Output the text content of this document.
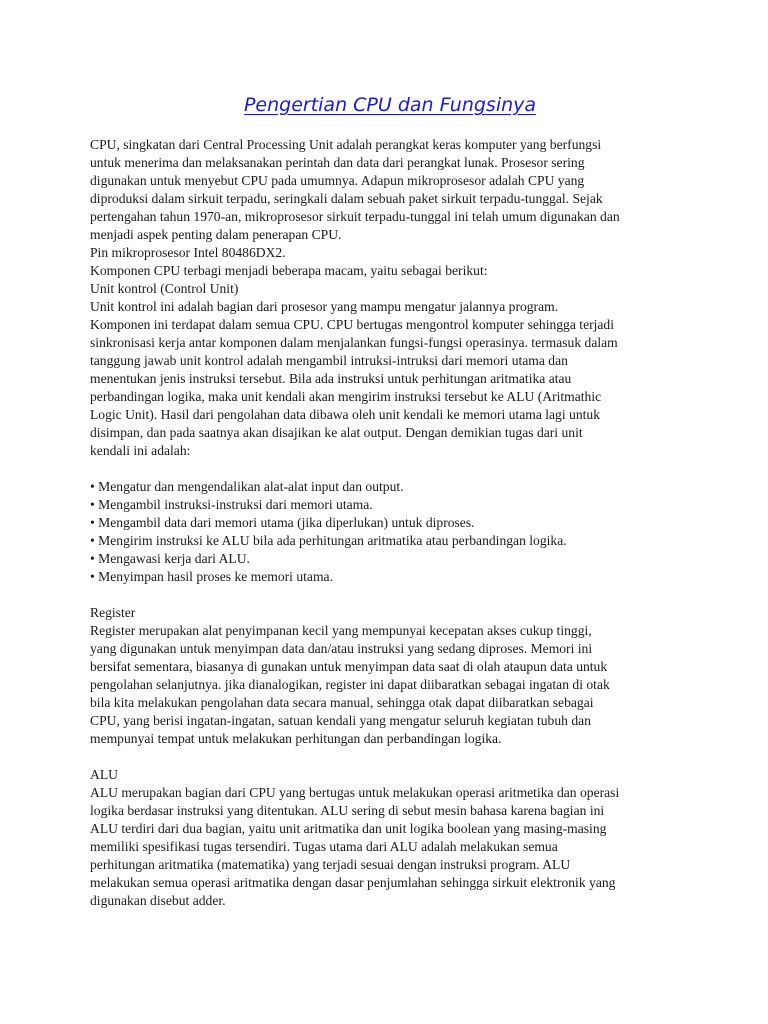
Pengertian CPU dan Fungsinya

CPU, singkatan dari Central Processing Unit adalah perangkat keras komputer yang berfungsi

untuk menerima dan melaksanakan perintah dan data dari perangkat lunak. Prosesor sering

digunakan untuk menyebut CPU pada umumnya. Adapun mikroprosesor adalah CPU yang

diproduksi dalam sirkuit terpadu, seringkali dalam sebuah paket sirkuit terpadu-tunggal. Sejak

pertengahan tahun 1970-an, mikroprosesor sirkuit terpadu-tunggal ini telah umum digunakan dan

menjadi aspek penting dalam penerapan CPU.

Pin mikroprosesor Intel 80486DX2.

Komponen CPU terbagi menjadi beberapa macam, yaitu sebagai berikut:

Unit kontrol (Control Unit)

Unit kontrol ini adalah bagian dari prosesor yang mampu mengatur jalannya program.

Komponen ini terdapat dalam semua CPU. CPU bertugas mengontrol komputer sehingga terjadi

sinkronisasi kerja antar komponen dalam menjalankan fungsi-fungsi operasinya. termasuk dalam

tanggung jawab unit kontrol adalah mengambil intruksi-intruksi dari memori utama dan

menentukan jenis instruksi tersebut. Bila ada instruksi untuk perhitungan aritmatika atau

perbandingan logika, maka unit kendali akan mengirim instruksi tersebut ke ALU (Aritmathic

Logic Unit). Hasil dari pengolahan data dibawa oleh unit kendali ke memori utama lagi untuk

disimpan, dan pada saatnya akan disajikan ke alat output. Dengan demikian tugas dari unit

kendali ini adalah:

• Mengatur dan mengendalikan alat-alat input dan output.

• Mengambil instruksi-instruksi dari memori utama.

• Mengambil data dari memori utama (jika diperlukan) untuk diproses.

• Mengirim instruksi ke ALU bila ada perhitungan aritmatika atau perbandingan logika.

• Mengawasi kerja dari ALU.

• Menyimpan hasil proses ke memori utama.

Register

Register merupakan alat penyimpanan kecil yang mempunyai kecepatan akses cukup tinggi,

yang digunakan untuk menyimpan data dan/atau instruksi yang sedang diproses. Memori ini

bersifat sementara, biasanya di gunakan untuk menyimpan data saat di olah ataupun data untuk

pengolahan selanjutnya. jika dianalogikan, register ini dapat diibaratkan sebagai ingatan di otak

bila kita melakukan pengolahan data secara manual, sehingga otak dapat diibaratkan sebagai

CPU, yang berisi ingatan-ingatan, satuan kendali yang mengatur seluruh kegiatan tubuh dan

mempunyai tempat untuk melakukan perhitungan dan perbandingan logika.

ALU

ALU merupakan bagian dari CPU yang bertugas untuk melakukan operasi aritmetika dan operasi

logika berdasar instruksi yang ditentukan. ALU sering di sebut mesin bahasa karena bagian ini

ALU terdiri dari dua bagian, yaitu unit aritmatika dan unit logika boolean yang masing-masing

memiliki spesifikasi tugas tersendiri. Tugas utama dari ALU adalah melakukan semua

perhitungan aritmatika (matematika) yang terjadi sesuai dengan instruksi program. ALU

melakukan semua operasi aritmatika dengan dasar penjumlahan sehingga sirkuit elektronik yang

digunakan disebut adder.
